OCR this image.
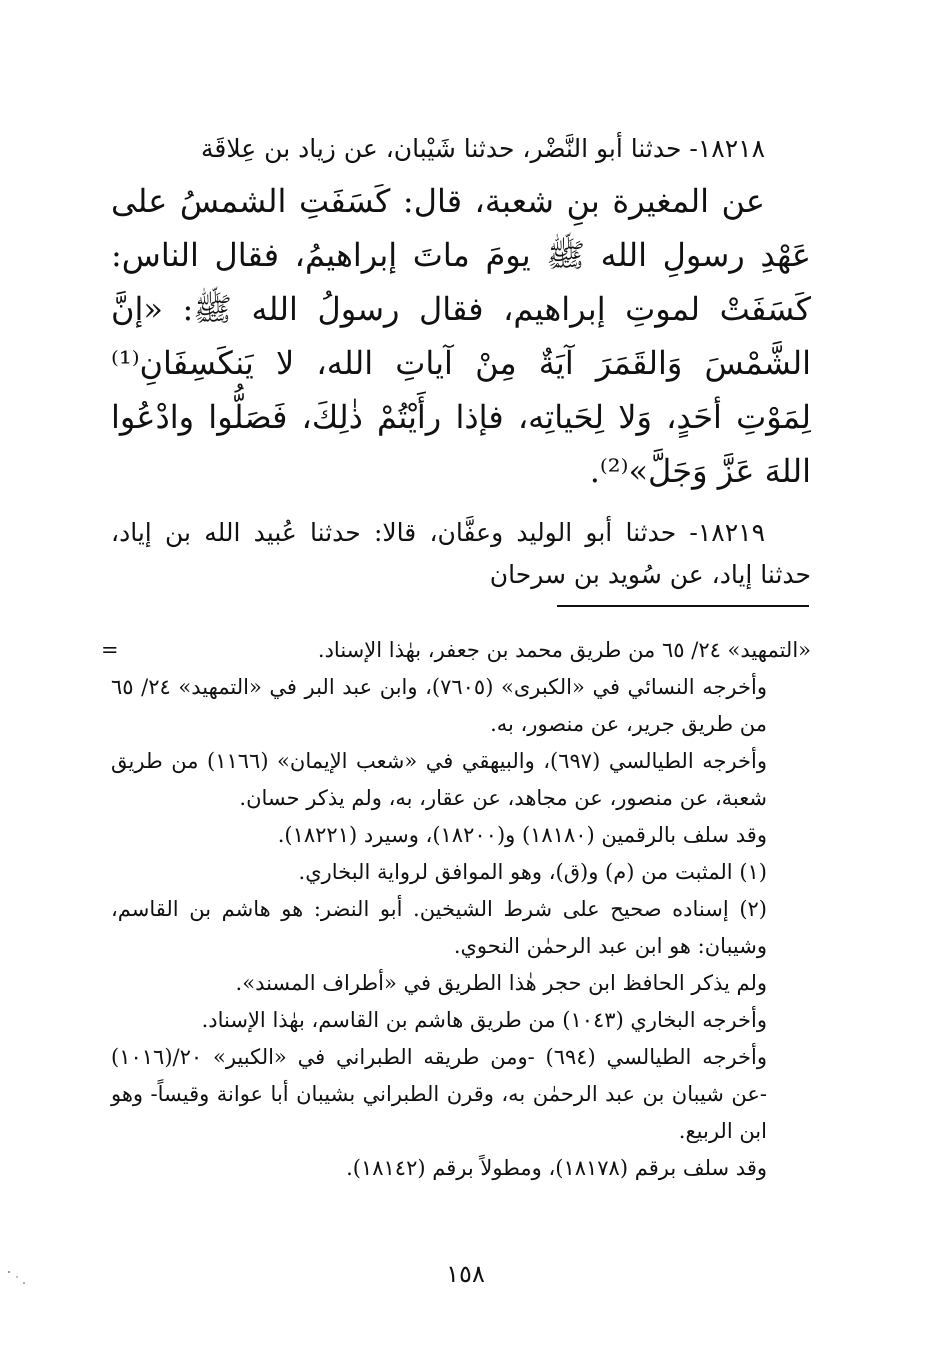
١٨٢١٨- حدثنا أبو النَّضْر، حدثنا شَيْبان، عن زياد بن عِلاقَة

عن المغيرة بنِ شعبة، قال: كَسَفَتِ الشمسُ على عَهْدِ رسولِ الله ﷺ يومَ ماتَ إبراهيمُ، فقال الناس: كَسَفَتْ لموتِ إبراهيم، فقال رسولُ الله ﷺ: «إنَّ الشَّمْسَ وَالقَمَرَ آيَةٌ مِنْ آياتِ الله، لا يَنكَسِفَانِ⁽¹⁾ لِمَوْتِ أحَدٍ، وَلا لِحَياتِه، فإذا رأَيْتُمْ ذٰلِكَ، فَصَلُّوا وادْعُوا اللهَ عَزَّ وَجَلَّ»⁽²⁾.

١٨٢١٩- حدثنا أبو الوليد وعفَّان، قالا: حدثنا عُبيد الله بن إياد، حدثنا إياد، عن سُويد بن سرحان

=	«التمهيد» ٢٤/ ٦٥ من طريق محمد بن جعفر، بهٰذا الإسناد.

وأخرجه النسائي في «الكبرى» (٧٦٠٥)، وابن عبد البر في «التمهيد» ٢٤/ ٦٥ من طريق جرير، عن منصور، به.

وأخرجه الطيالسي (٦٩٧)، والبيهقي في «شعب الإيمان» (١١٦٦) من طريق شعبة، عن منصور، عن مجاهد، عن عقار، به، ولم يذكر حسان.

وقد سلف بالرقمين (١٨١٨٠) و(١٨٢٠٠)، وسيرد (١٨٢٢١).

(١) المثبت من (م) و(ق)، وهو الموافق لرواية البخاري.

(٢) إسناده صحيح على شرط الشيخين. أبو النضر: هو هاشم بن القاسم، وشيبان: هو ابن عبد الرحمٰن النحوي.

ولم يذكر الحافظ ابن حجر هٰذا الطريق في «أطراف المسند».

وأخرجه البخاري (١٠٤٣) من طريق هاشم بن القاسم، بهٰذا الإسناد.

وأخرجه الطيالسي (٦٩٤) -ومن طريقه الطبراني في «الكبير» ٢٠/(١٠١٦) -عن شيبان بن عبد الرحمٰن به، وقرن الطبراني بشيبان أبا عوانة وقيساً- وهو ابن الربيع.

وقد سلف برقم (١٨١٧٨)، ومطولاً برقم (١٨١٤٢).

١٥٨
